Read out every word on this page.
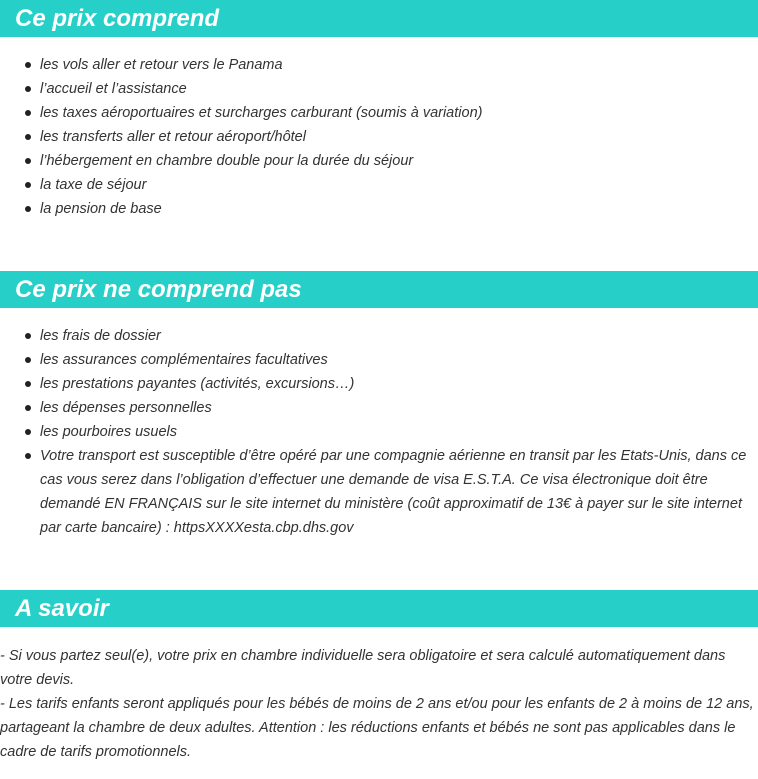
Ce prix comprend
les vols aller et retour vers le Panama
l’accueil et l’assistance
les taxes aéroportuaires et surcharges carburant (soumis à variation)
les transferts aller et retour aéroport/hôtel
l’hébergement en chambre double pour la durée du séjour
la taxe de séjour
la pension de base
Ce prix ne comprend pas
les frais de dossier
les assurances complémentaires facultatives
les prestations payantes (activités, excursions…)
les dépenses personnelles
les pourboires usuels
Votre transport est susceptible d’être opéré par une compagnie aérienne en transit par les Etats-Unis, dans ce cas vous serez dans l’obligation d’effectuer une demande de visa E.S.T.A. Ce visa électronique doit être demandé EN FRANÇAIS sur le site internet du ministère (coût approximatif de 13€ à payer sur le site internet par carte bancaire) : httpsXXXXesta.cbp.dhs.gov
A savoir

- Si vous partez seul(e), votre prix en chambre individuelle sera obligatoire et sera calculé automatiquement dans votre devis.

- Les tarifs enfants seront appliqués pour les bébés de moins de 2 ans et/ou pour les enfants de 2 à moins de 12 ans, partageant la chambre de deux adultes. Attention : les réductions enfants et bébés ne sont pas applicables dans le cadre de tarifs promotionnels.
